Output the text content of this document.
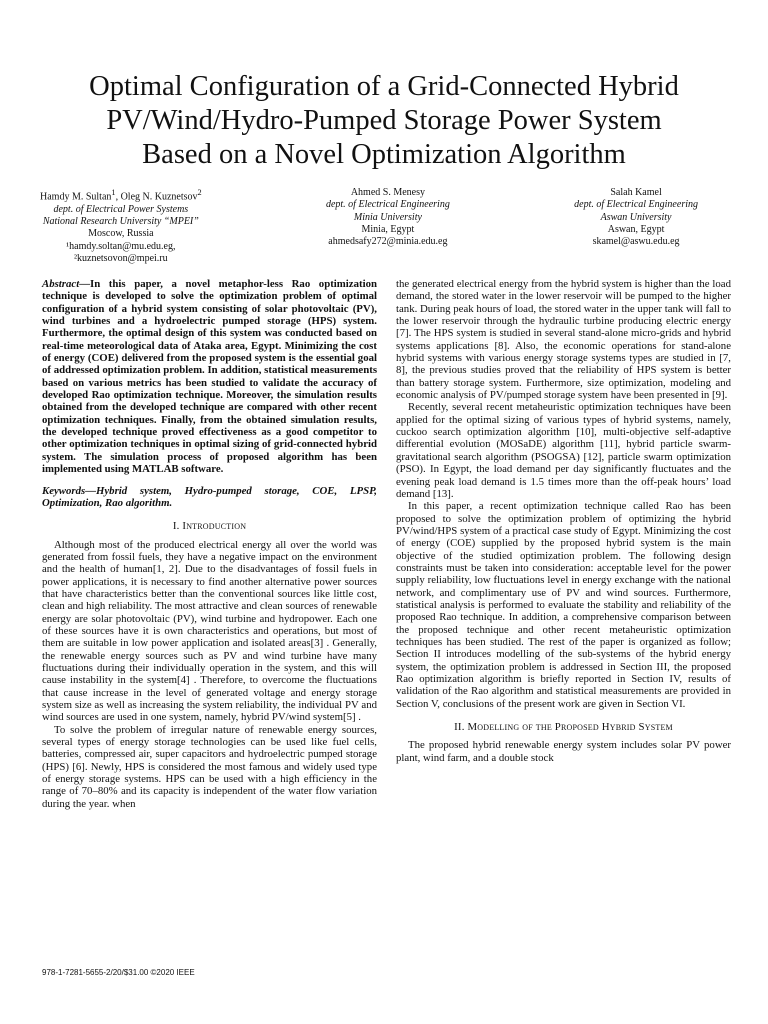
Optimal Configuration of a Grid-Connected Hybrid
PV/Wind/Hydro-Pumped Storage Power System
Based on a Novel Optimization Algorithm
Hamdy M. Sultan$^1$, Oleg N. Kuznetsov$^2$
dept. of Electrical Power Systems
National Research University “MPEI”
Moscow, Russia
¹hamdy.soltan@mu.edu.eg,
²kuznetsovon@mpei.ru
Ahmed S. Menesy
dept. of Electrical Engineering
Minia University
Minia, Egypt
ahmedsafy272@minia.edu.eg
Salah Kamel
dept. of Electrical Engineering
Aswan University
Aswan, Egypt
skamel@aswu.edu.eg

Abstract—In this paper, a novel metaphor-less Rao optimization technique is developed to solve the optimization problem of optimal configuration of a hybrid system consisting of solar photovoltaic (PV), wind turbines and a hydroelectric pumped storage (HPS) system. Furthermore, the optimal design of this system was conducted based on real-time meteorological data of Ataka area, Egypt. Minimizing the cost of energy (COE) delivered from the proposed system is the essential goal of addressed optimization problem. In addition, statistical measurements based on various metrics has been studied to validate the accuracy of developed Rao optimization technique. Moreover, the simulation results obtained from the developed technique are compared with other recent optimization techniques. Finally, from the obtained simulation results, the developed technique proved effectiveness as a good competitor to other optimization techniques in optimal sizing of grid-connected hybrid system. The simulation process of proposed algorithm has been implemented using MATLAB software.

Keywords—Hybrid system, Hydro-pumped storage, COE, LPSP, Optimization, Rao algorithm.

I. Introduction

Although most of the produced electrical energy all over the world was generated from fossil fuels, they have a negative impact on the environment and the health of human[1, 2]. Due to the disadvantages of fossil fuels in power applications, it is necessary to find another alternative power sources that have characteristics better than the conventional sources like little cost, clean and high reliability. The most attractive and clean sources of renewable energy are solar photovoltaic (PV), wind turbine and hydropower. Each one of these sources have it is own characteristics and operations, but most of them are suitable in low power application and isolated areas[3] . Generally, the renewable energy sources such as PV and wind turbine have many fluctuations during their individually operation in the system, and this will cause instability in the system[4] . Therefore, to overcome the fluctuations that cause increase in the level of generated voltage and energy storage system size as well as increasing the system reliability, the individual PV and wind sources are used in one system, namely, hybrid PV/wind system[5] .

To solve the problem of irregular nature of renewable energy sources, several types of energy storage technologies can be used like fuel cells, batteries, compressed air, super capacitors and hydroelectric pumped storage (HPS) [6]. Newly, HPS is considered the most famous and widely used type of energy storage systems. HPS can be used with a high efficiency in the range of 70–80% and its capacity is independent of the water flow variation during the year. when

the generated electrical energy from the hybrid system is higher than the load demand, the stored water in the lower reservoir will be pumped to the higher tank. During peak hours of load, the stored water in the upper tank will fall to the lower reservoir through the hydraulic turbine producing electric energy [7]. The HPS system is studied in several stand-alone micro-grids and hybrid systems applications [8]. Also, the economic operations for stand-alone hybrid systems with various energy storage systems types are studied in [7, 8], the previous studies proved that the reliability of HPS system is better than battery storage system. Furthermore, size optimization, modeling and economic analysis of PV/pumped storage system have been presented in [9].

Recently, several recent metaheuristic optimization techniques have been applied for the optimal sizing of various types of hybrid systems, namely, cuckoo search optimization algorithm [10], multi-objective self-adaptive differential evolution (MOSaDE) algorithm [11], hybrid particle swarm-gravitational search algorithm (PSOGSA) [12], particle swarm optimization (PSO). In Egypt, the load demand per day significantly fluctuates and the evening peak load demand is 1.5 times more than the off-peak hours’ load demand [13].

In this paper, a recent optimization technique called Rao has been proposed to solve the optimization problem of optimizing the hybrid PV/wind/HPS system of a practical case study of Egypt. Minimizing the cost of energy (COE) supplied by the proposed hybrid system is the main objective of the studied optimization problem. The following design constraints must be taken into consideration: acceptable level for the power supply reliability, low fluctuations level in energy exchange with the national network, and complimentary use of PV and wind sources. Furthermore, statistical analysis is performed to evaluate the stability and reliability of the proposed Rao technique. In addition, a comprehensive comparison between the proposed technique and other recent metaheuristic optimization techniques has been studied. The rest of the paper is organized as follow; Section II introduces modelling of the sub-systems of the hybrid energy system, the optimization problem is addressed in Section III, the proposed Rao optimization algorithm is briefly reported in Section IV, results of validation of the Rao algorithm and statistical measurements are provided in Section V, conclusions of the present work are given in Section VI.

II. Modelling of the Proposed Hybrid System

The proposed hybrid renewable energy system includes solar PV power plant, wind farm, and a double stock

978-1-7281-5655-2/20/$31.00 ©2020 IEEE
